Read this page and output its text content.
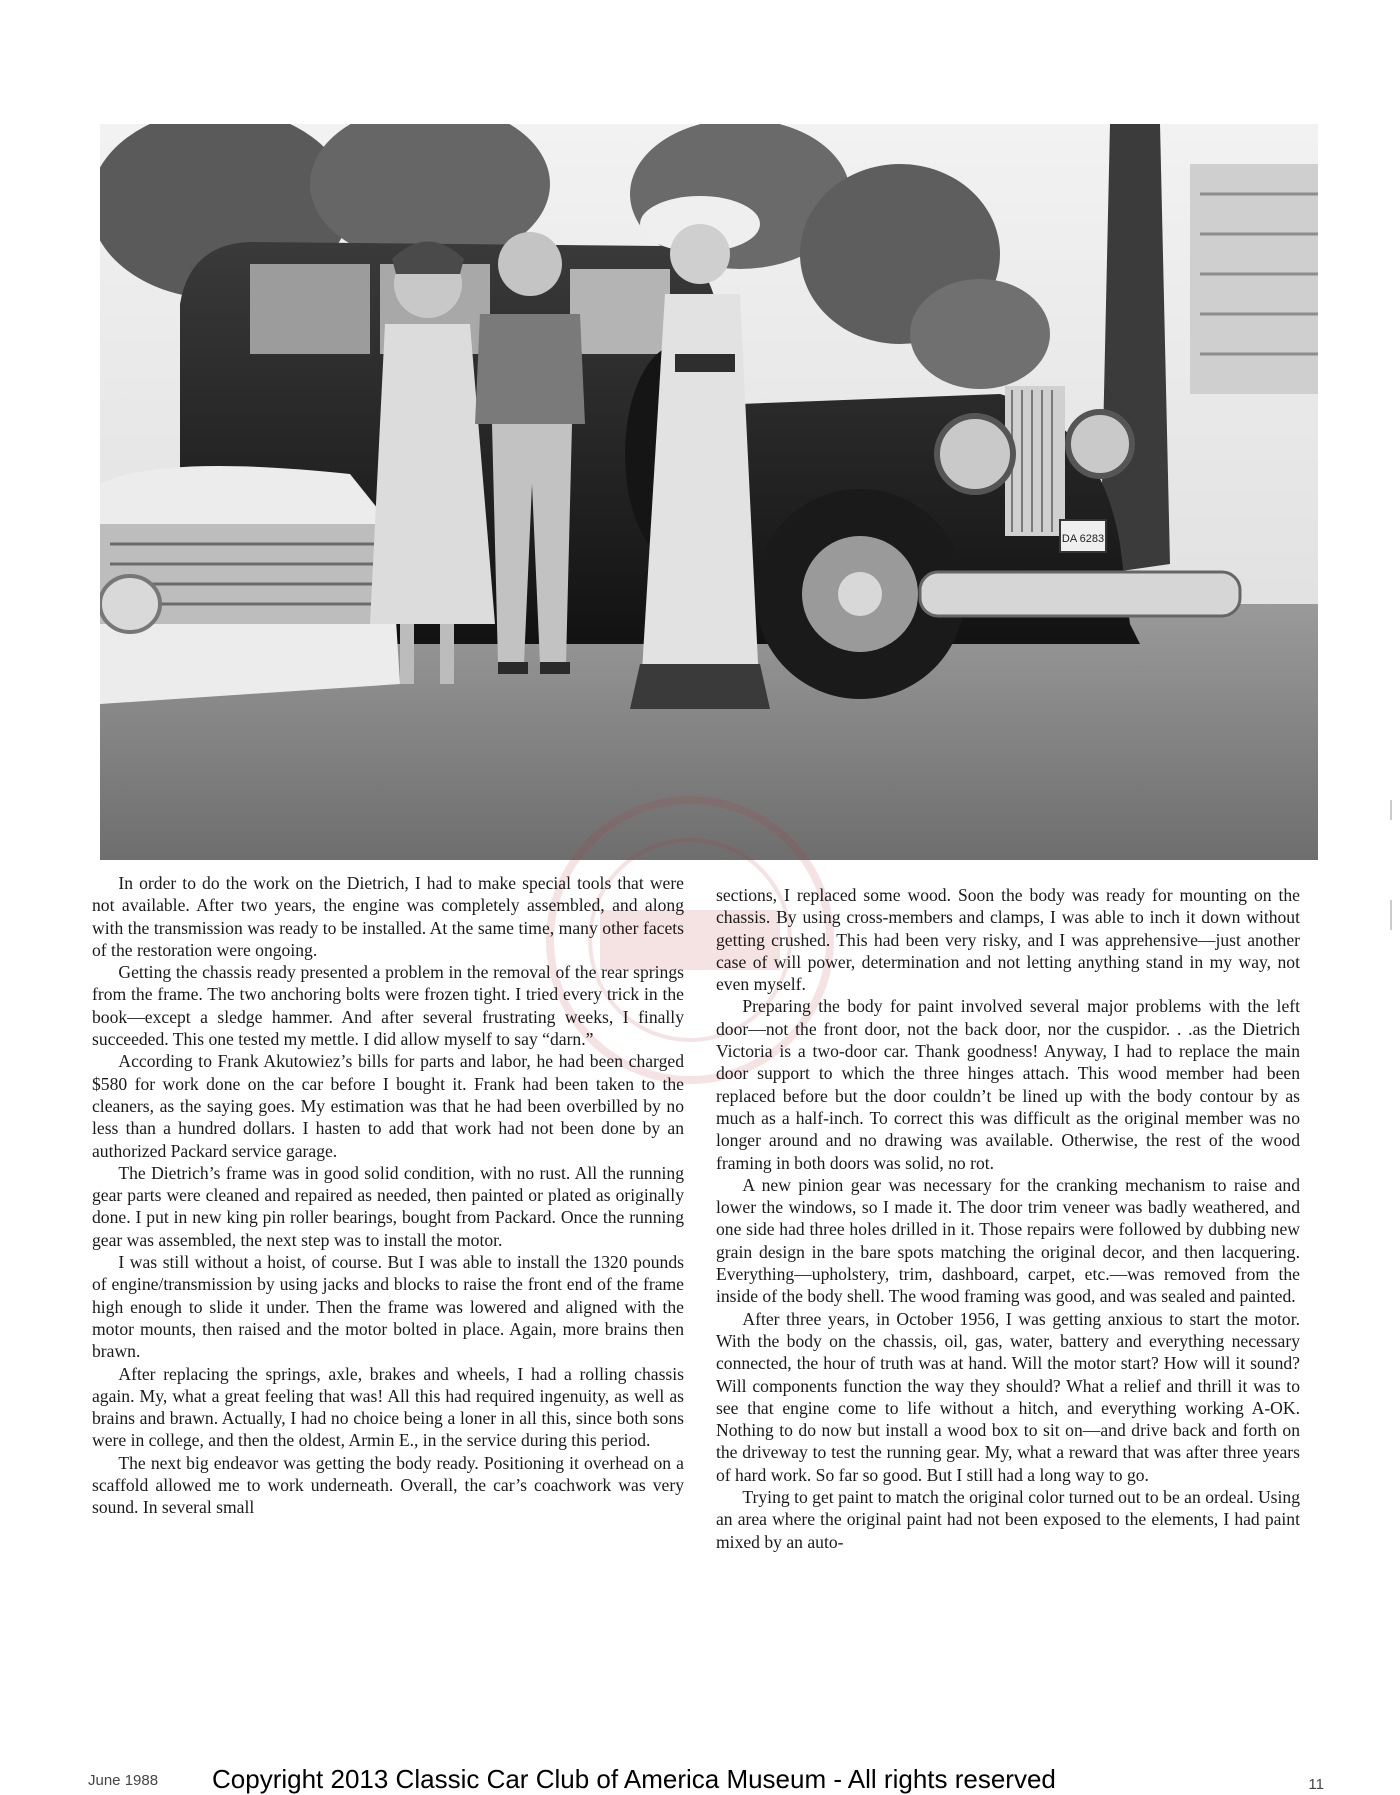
DA 6283

In order to do the work on the Dietrich, I had to make special tools that were not available. After two years, the engine was completely assembled, and along with the transmission was ready to be installed. At the same time, many other facets of the restoration were ongoing.

Getting the chassis ready presented a problem in the removal of the rear springs from the frame. The two anchoring bolts were frozen tight. I tried every trick in the book—except a sledge hammer. And after several frustrating weeks, I finally succeeded. This one tested my mettle. I did allow myself to say “darn.”

According to Frank Akutowiez’s bills for parts and labor, he had been charged $580 for work done on the car before I bought it. Frank had been taken to the cleaners, as the saying goes. My estimation was that he had been overbilled by no less than a hundred dollars. I hasten to add that work had not been done by an authorized Packard service garage.

The Dietrich’s frame was in good solid condition, with no rust. All the running gear parts were cleaned and repaired as needed, then painted or plated as originally done. I put in new king pin roller bearings, bought from Packard. Once the running gear was assembled, the next step was to install the motor.

I was still without a hoist, of course. But I was able to install the 1320 pounds of engine/transmission by using jacks and blocks to raise the front end of the frame high enough to slide it under. Then the frame was lowered and aligned with the motor mounts, then raised and the motor bolted in place. Again, more brains then brawn.

After replacing the springs, axle, brakes and wheels, I had a rolling chassis again. My, what a great feeling that was! All this had required ingenuity, as well as brains and brawn. Actually, I had no choice being a loner in all this, since both sons were in college, and then the oldest, Armin E., in the service during this period.

The next big endeavor was getting the body ready. Positioning it overhead on a scaffold allowed me to work underneath. Overall, the car’s coachwork was very sound. In several small

sections, I replaced some wood. Soon the body was ready for mounting on the chassis. By using cross-members and clamps, I was able to inch it down without getting crushed. This had been very risky, and I was apprehensive—just another case of will power, determination and not letting anything stand in my way, not even myself.

Preparing the body for paint involved several major problems with the left door—not the front door, not the back door, nor the cuspidor. . .as the Dietrich Victoria is a two-door car. Thank goodness! Anyway, I had to replace the main door support to which the three hinges attach. This wood member had been replaced before but the door couldn’t be lined up with the body contour by as much as a half-inch. To correct this was difficult as the original member was no longer around and no drawing was available. Otherwise, the rest of the wood framing in both doors was solid, no rot.

A new pinion gear was necessary for the cranking mechanism to raise and lower the windows, so I made it. The door trim veneer was badly weathered, and one side had three holes drilled in it. Those repairs were followed by dubbing new grain design in the bare spots matching the original decor, and then lacquering. Everything—upholstery, trim, dashboard, carpet, etc.—was removed from the inside of the body shell. The wood framing was good, and was sealed and painted.

After three years, in October 1956, I was getting anxious to start the motor. With the body on the chassis, oil, gas, water, battery and everything necessary connected, the hour of truth was at hand. Will the motor start? How will it sound? Will components function the way they should? What a relief and thrill it was to see that engine come to life without a hitch, and everything working A-OK. Nothing to do now but install a wood box to sit on—and drive back and forth on the driveway to test the running gear. My, what a reward that was after three years of hard work. So far so good. But I still had a long way to go.

Trying to get paint to match the original color turned out to be an ordeal. Using an area where the original paint had not been exposed to the elements, I had paint mixed by an auto-

June 1988 Copyright 2013 Classic Car Club of America Museum - All rights reserved	11
